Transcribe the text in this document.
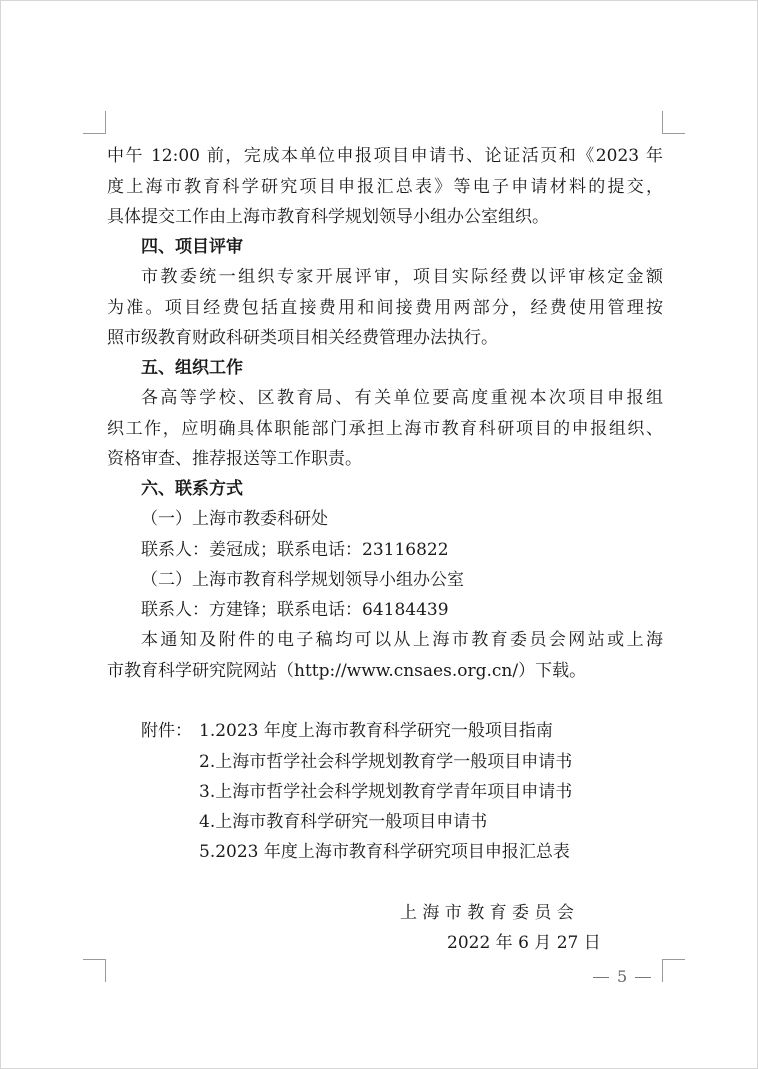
中午 12:00 前，完成本单位申报项目申请书、论证活页和《2023 年
度上海市教育科学研究项目申报汇总表》等电子申请材料的提交，
具体提交工作由上海市教育科学规划领导小组办公室组织。
四、项目评审
市教委统一组织专家开展评审，项目实际经费以评审核定金额
为准。项目经费包括直接费用和间接费用两部分，经费使用管理按
照市级教育财政科研类项目相关经费管理办法执行。
五、组织工作
各高等学校、区教育局、有关单位要高度重视本次项目申报组
织工作，应明确具体职能部门承担上海市教育科研项目的申报组织、
资格审查、推荐报送等工作职责。
六、联系方式
（一）上海市教委科研处
联系人：姜冠成；联系电话：23116822
（二）上海市教育科学规划领导小组办公室
联系人：方建锋；联系电话：64184439
本通知及附件的电子稿均可以从上海市教育委员会网站或上海
市教育科学研究院网站（http://www.cnsaes.org.cn/）下载。
附件： 1.2023 年度上海市教育科学研究一般项目指南
2.上海市哲学社会科学规划教育学一般项目申请书
3.上海市哲学社会科学规划教育学青年项目申请书
4.上海市教育科学研究一般项目申请书
5.2023 年度上海市教育科学研究项目申报汇总表
上 海 市 教 育 委 员 会
2022 年 6 月 27 日
5
